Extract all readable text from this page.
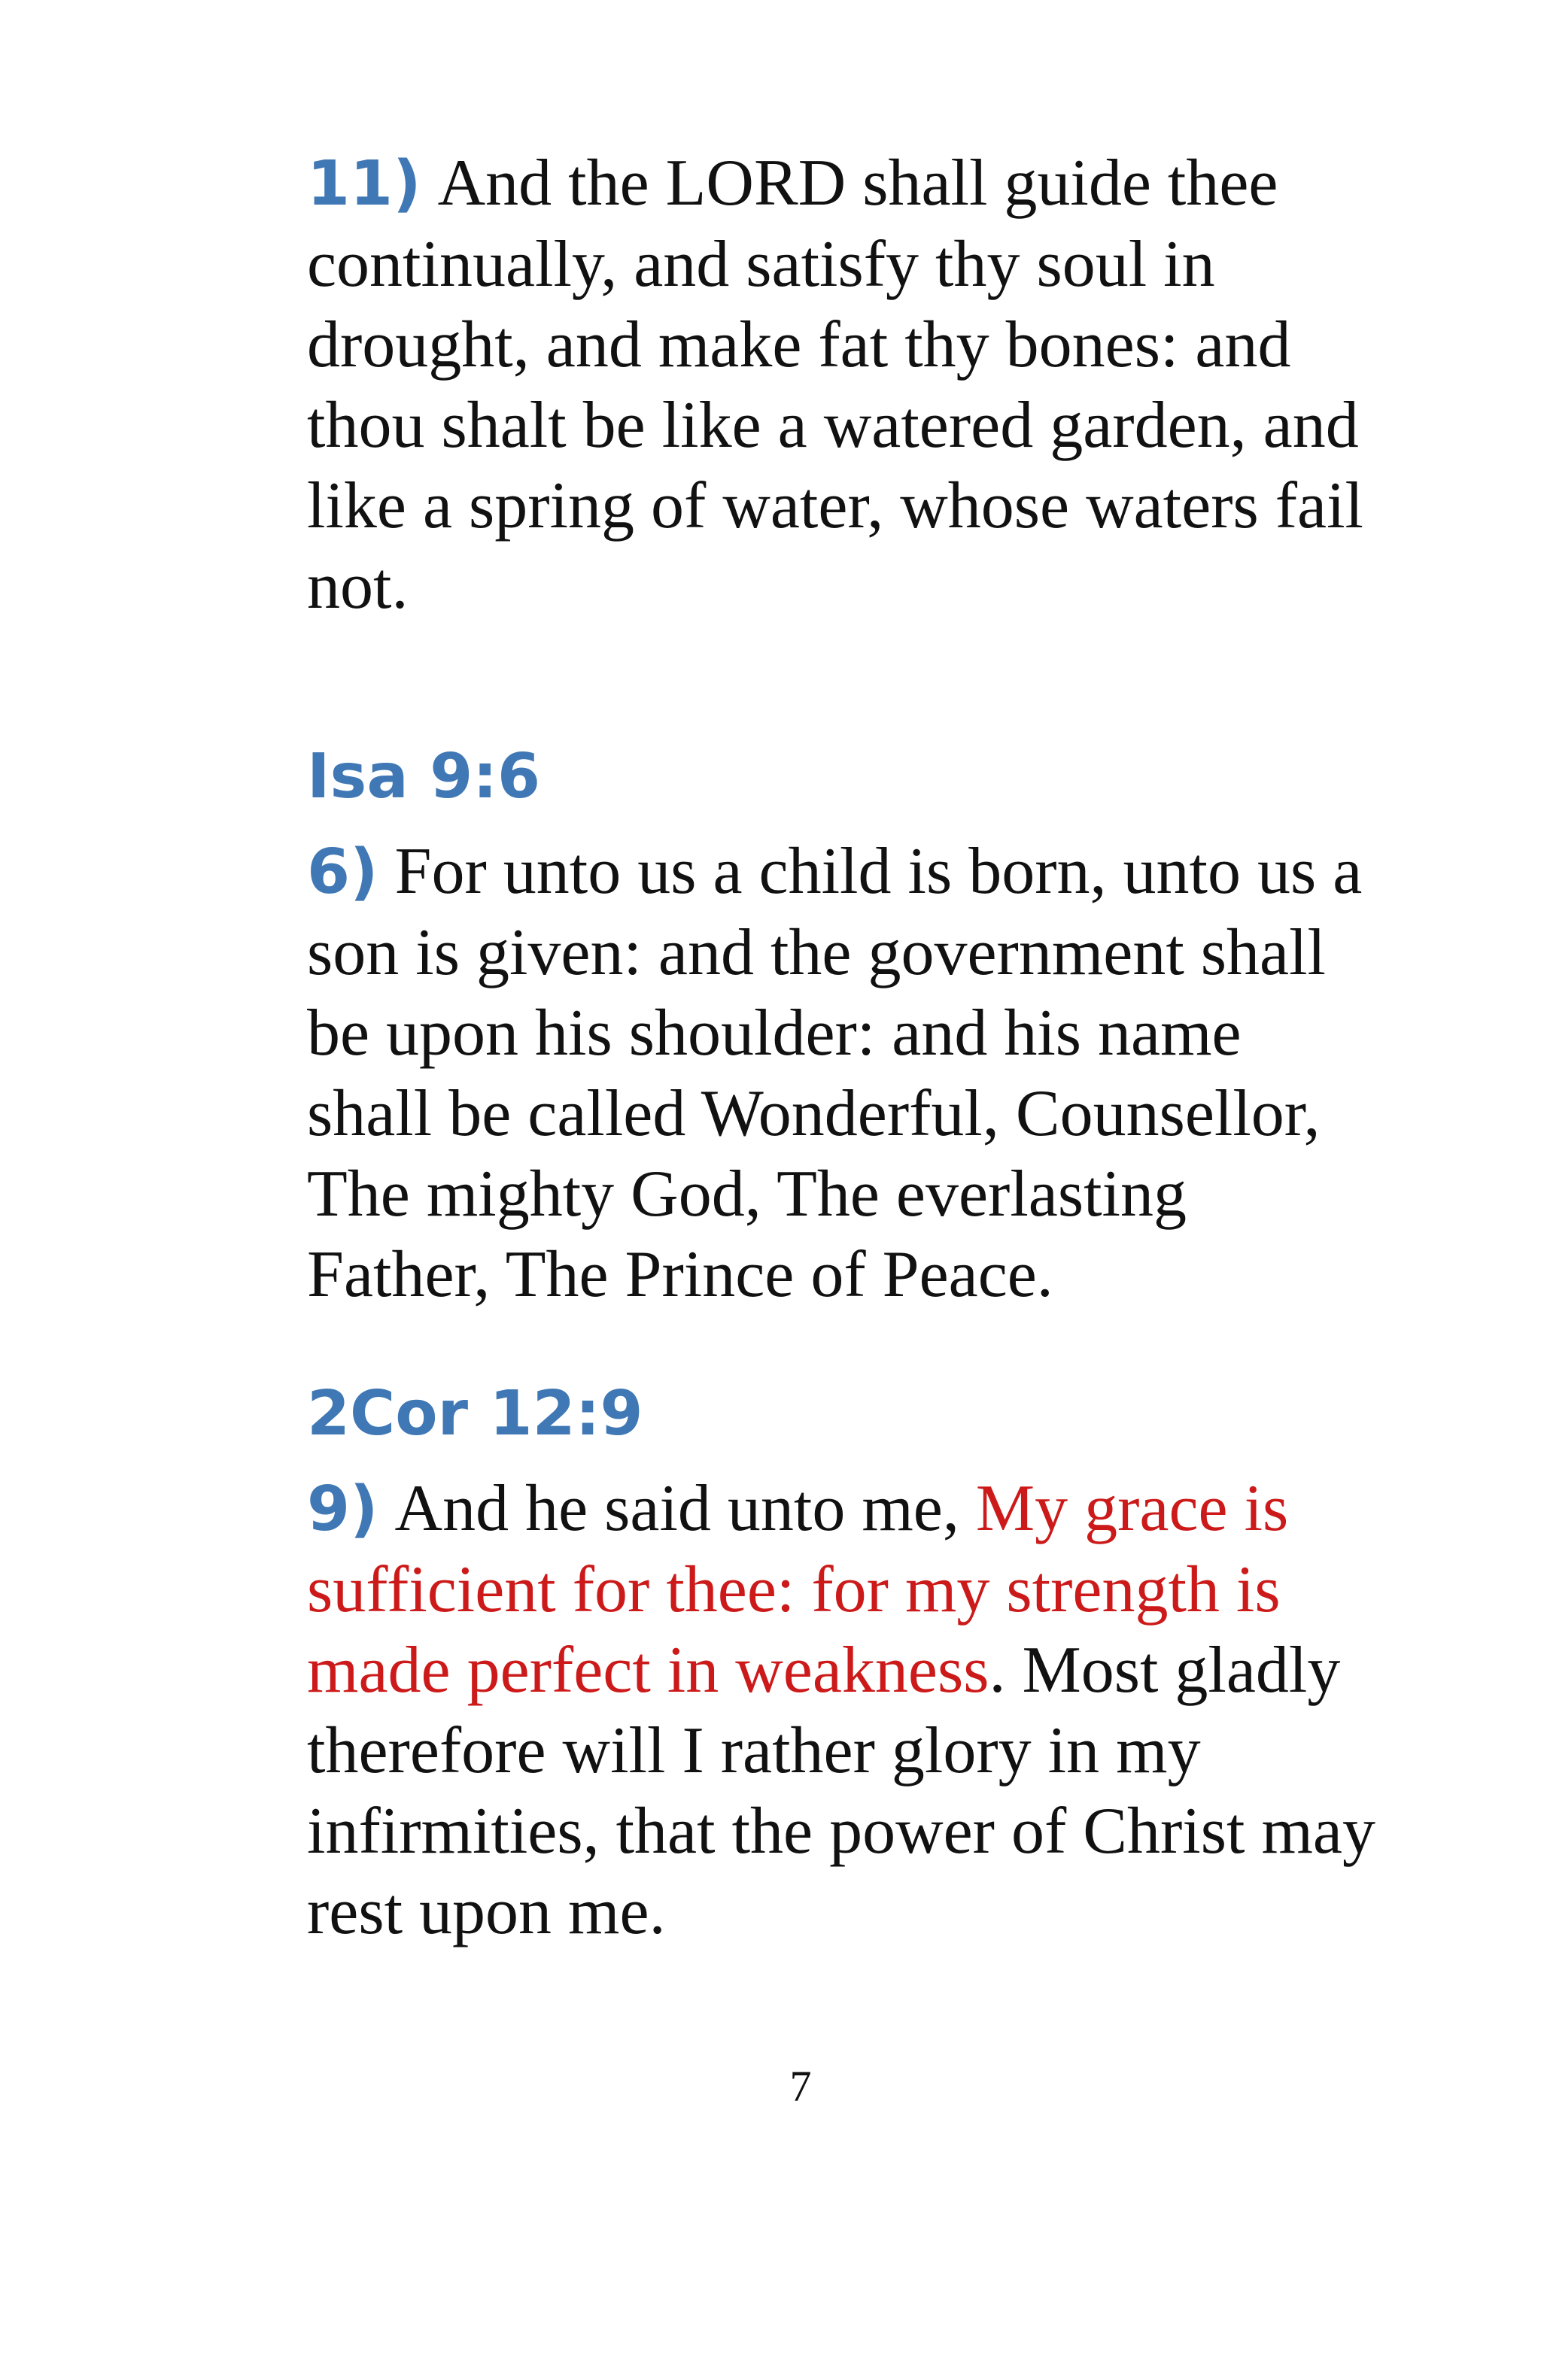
11) And the LORD shall guide thee continually, and satisfy thy soul in drought, and make fat thy bones: and thou shalt be like a watered garden, and like a spring of water, whose waters fail not.

Isa 9:6

6) For unto us a child is born, unto us a son is given: and the government shall be upon his shoulder: and his name shall be called Wonderful, Counsellor, The mighty God, The everlasting Father, The Prince of Peace.

2Cor 12:9

9) And he said unto me, My grace is sufficient for thee: for my strength is made perfect in weakness. Most gladly therefore will I rather glory in my infirmities, that the power of Christ may rest upon me.

7
